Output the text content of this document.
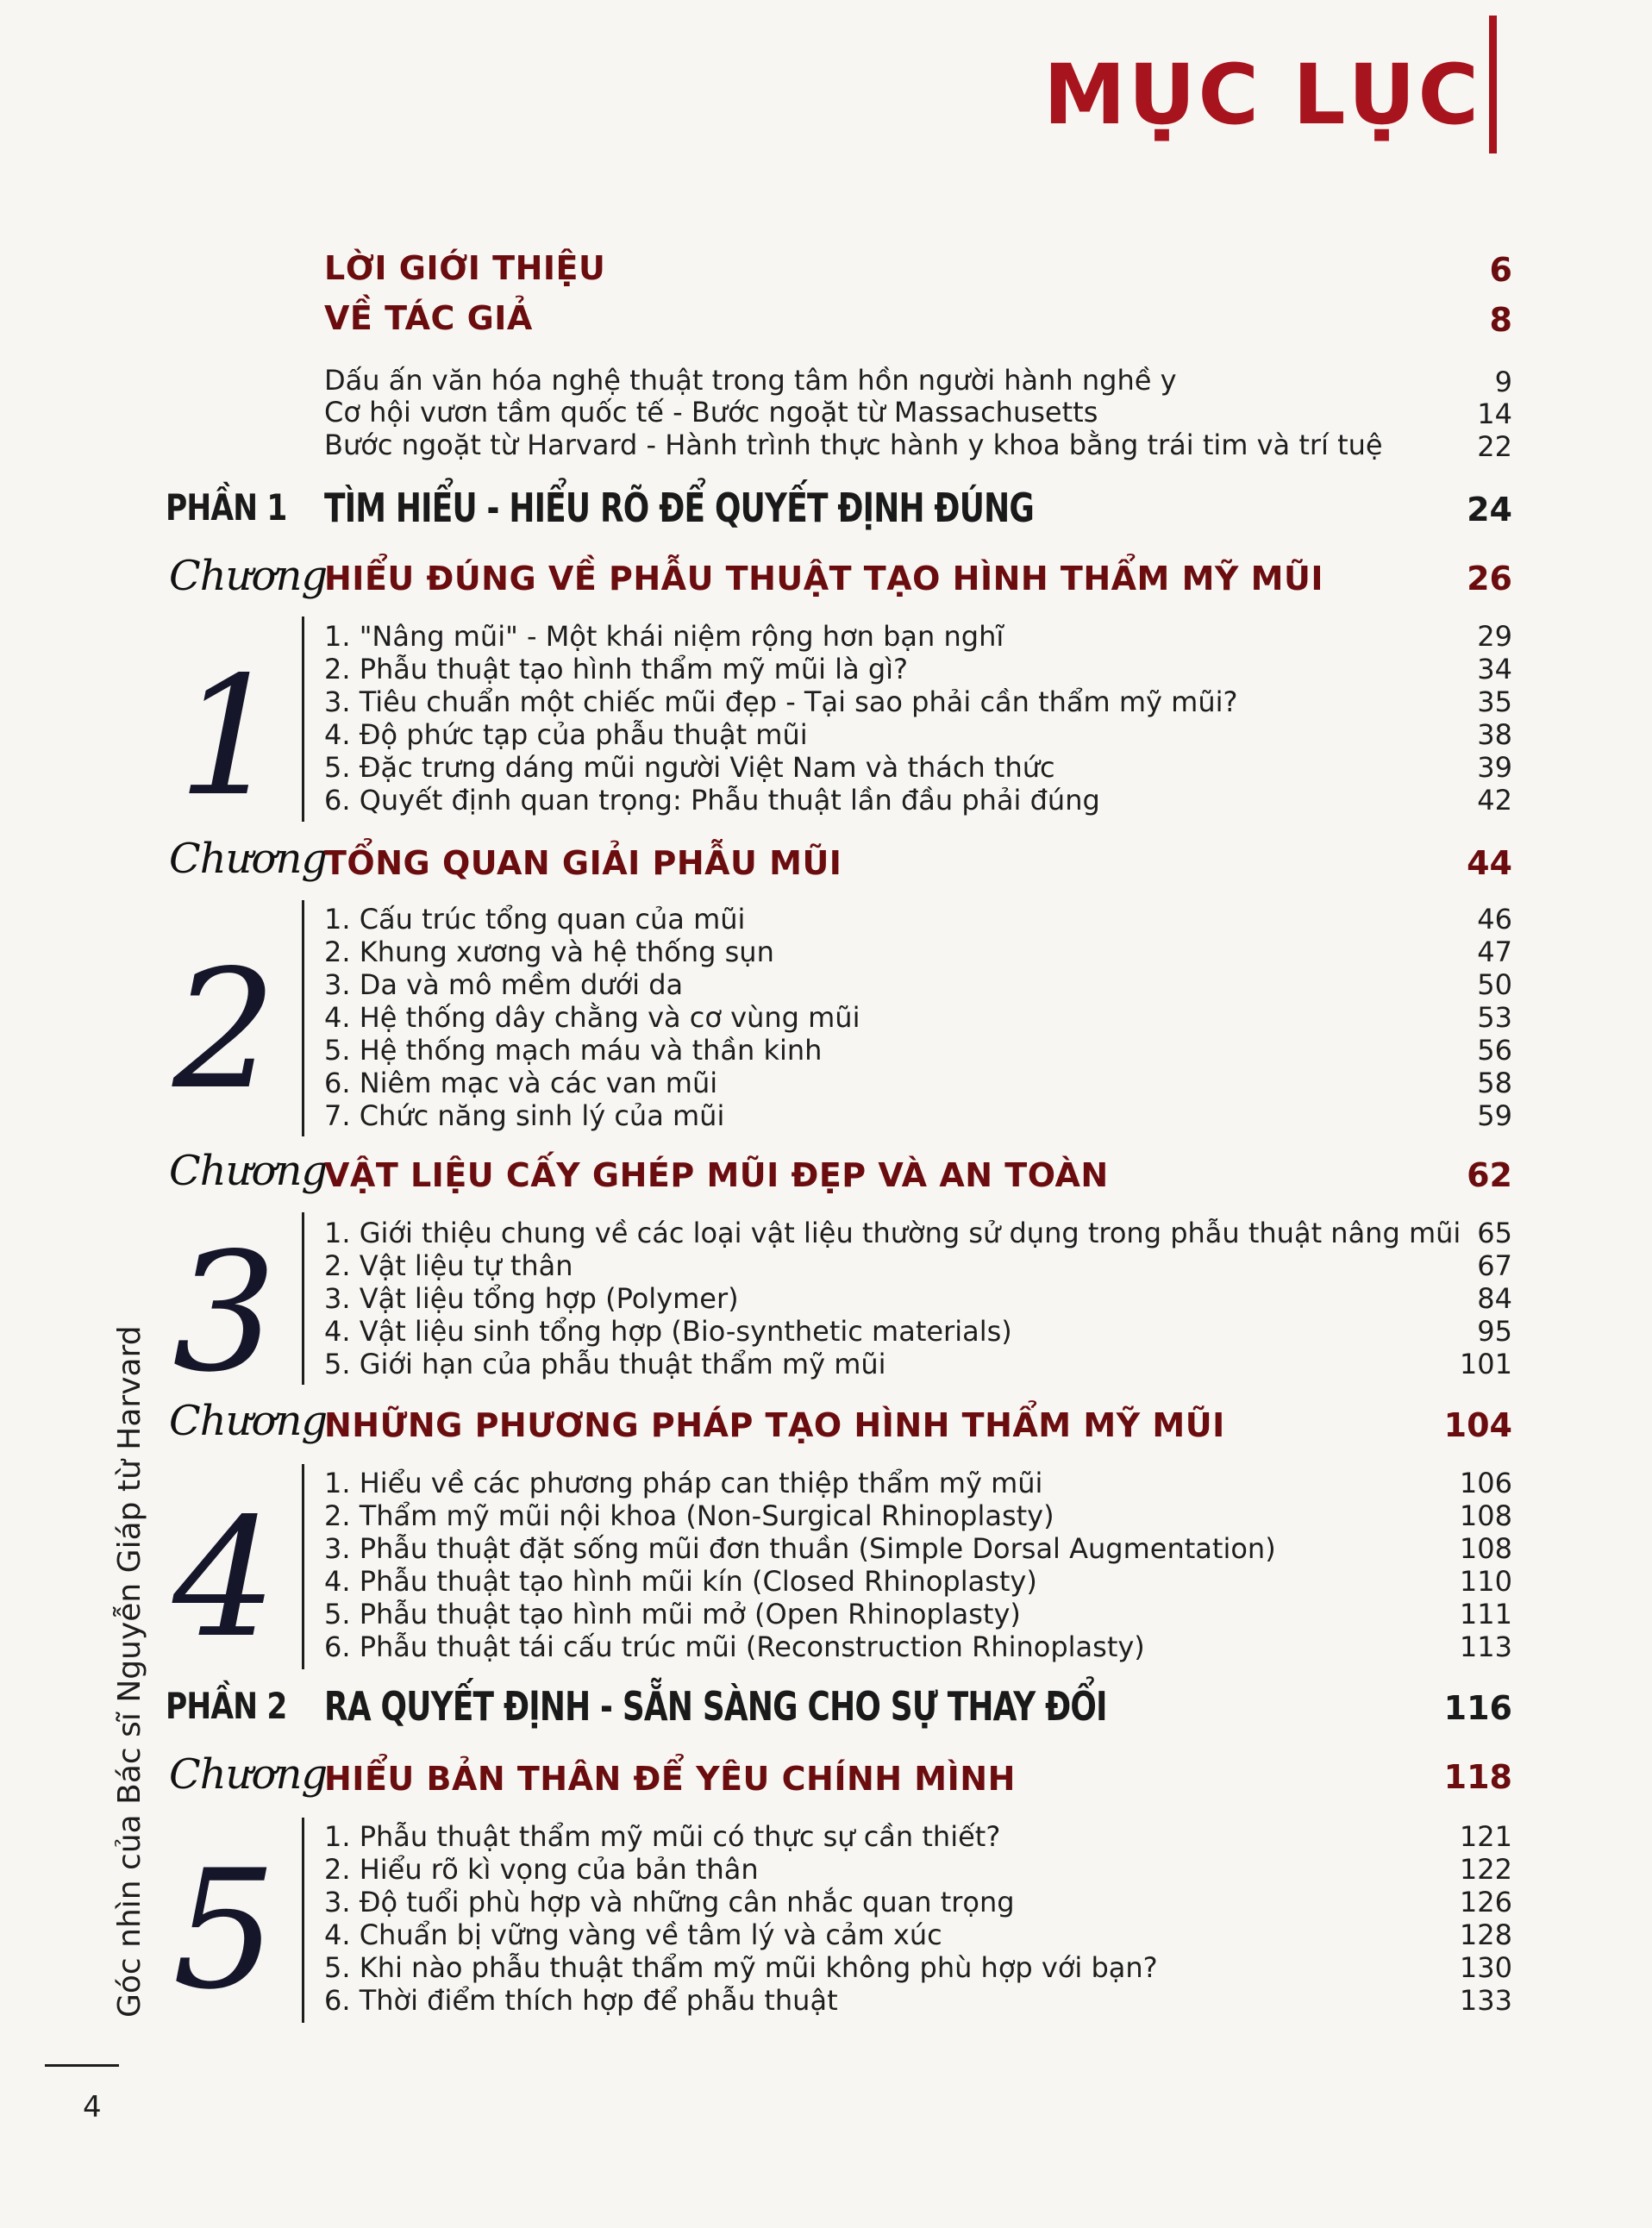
MỤC LỤC
Góc nhìn của Bác sĩ Nguyễn Giáp từ Harvard
4
LỜI GIỚI THIỆU	6
VỀ TÁC GIẢ	8
Dấu ấn văn hóa nghệ thuật trong tâm hồn người hành nghề y	9
Cơ hội vươn tầm quốc tế - Bước ngoặt từ Massachusetts	14
Bước ngoặt từ Harvard - Hành trình thực hành y khoa bằng trái tim và trí tuệ	22
PHẦN 1 TÌM HIỂU - HIỂU RÕ ĐỂ QUYẾT ĐỊNH ĐÚNG	24
Chương
HIỂU ĐÚNG VỀ PHẪU THUẬT TẠO HÌNH THẨM MỸ MŨI	26
1
1. "Nâng mũi" - Một khái niệm rộng hơn bạn nghĩ	29
2. Phẫu thuật tạo hình thẩm mỹ mũi là gì?	34
3. Tiêu chuẩn một chiếc mũi đẹp - Tại sao phải cần thẩm mỹ mũi?	35
4. Độ phức tạp của phẫu thuật mũi	38
5. Đặc trưng dáng mũi người Việt Nam và thách thức	39
6. Quyết định quan trọng: Phẫu thuật lần đầu phải đúng	42
Chương
TỔNG QUAN GIẢI PHẪU MŨI	44
2
1. Cấu trúc tổng quan của mũi	46
2. Khung xương và hệ thống sụn	47
3. Da và mô mềm dưới da	50
4. Hệ thống dây chằng và cơ vùng mũi	53
5. Hệ thống mạch máu và thần kinh	56
6. Niêm mạc và các van mũi	58
7. Chức năng sinh lý của mũi	59
Chương
VẬT LIỆU CẤY GHÉP MŨI ĐẸP VÀ AN TOÀN	62
3 1. Giới thiệu chung về các loại vật liệu thường sử dụng trong phẫu thuật nâng mũi 65
2. Vật liệu tự thân	67
3. Vật liệu tổng hợp (Polymer)	84
4. Vật liệu sinh tổng hợp (Bio-synthetic materials)	95
5. Giới hạn của phẫu thuật thẩm mỹ mũi	101
Chương
NHỮNG PHƯƠNG PHÁP TẠO HÌNH THẨM MỸ MŨI	104
4 1. Hiểu về các phương pháp can thiệp thẩm mỹ mũi	106
2. Thẩm mỹ mũi nội khoa (Non-Surgical Rhinoplasty)	108
3. Phẫu thuật đặt sống mũi đơn thuần (Simple Dorsal Augmentation)	108
4. Phẫu thuật tạo hình mũi kín (Closed Rhinoplasty)	110
5. Phẫu thuật tạo hình mũi mở (Open Rhinoplasty)	111
6. Phẫu thuật tái cấu trúc mũi (Reconstruction Rhinoplasty)	113
PHẦN 2 RA QUYẾT ĐỊNH - SẴN SÀNG CHO SỰ THAY ĐỔI	116
Chương
HIỂU BẢN THÂN ĐỂ YÊU CHÍNH MÌNH	118
5 1. Phẫu thuật thẩm mỹ mũi có thực sự cần thiết?	121
2. Hiểu rõ kì vọng của bản thân	122
3. Độ tuổi phù hợp và những cân nhắc quan trọng	126
4. Chuẩn bị vững vàng về tâm lý và cảm xúc	128
5. Khi nào phẫu thuật thẩm mỹ mũi không phù hợp với bạn?	130
6. Thời điểm thích hợp để phẫu thuật	133
